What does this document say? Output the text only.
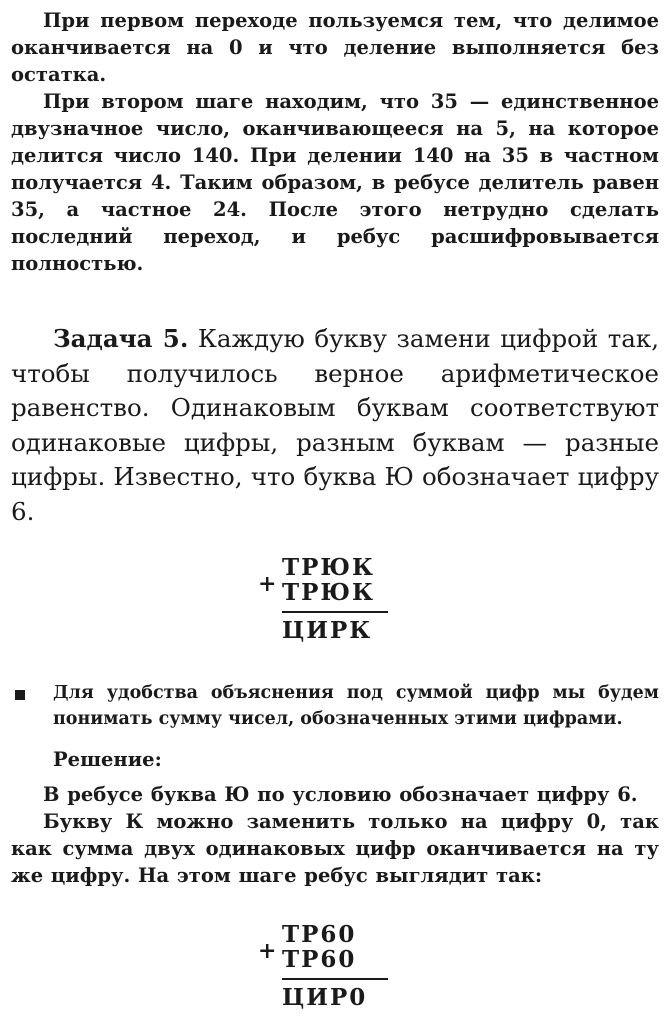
При первом переходе пользуемся тем, что делимое оканчивается на 0 и что деление выполняется без остатка.

При втором шаге находим, что 35 — единственное двузначное число, оканчивающееся на 5, на которое делится число 140. При делении 140 на 35 в частном получается 4. Таким образом, в ребусе делитель равен 35, а частное 24. После этого нетрудно сделать последний переход, и ребус расшифровывается полностью.

Задача 5. Каждую букву замени цифрой так, чтобы получилось верное арифметическое равенство. Одинаковым буквам соответствуют одинаковые цифры, разным буквам — разные цифры. Известно, что буква Ю обозначает цифру 6.

+
ТРЮК
ТРЮК
ЦИРК

Для удобства объяснения под суммой цифр мы будем понимать сумму чисел, обозначенных этими цифрами.

Решение:

В ребусе буква Ю по условию обозначает цифру 6.

Букву К можно заменить только на цифру 0, так как сумма двух одинаковых цифр оканчивается на ту же цифру. На этом шаге ребус выглядит так:

+
ТР60
ТР60
ЦИР0
